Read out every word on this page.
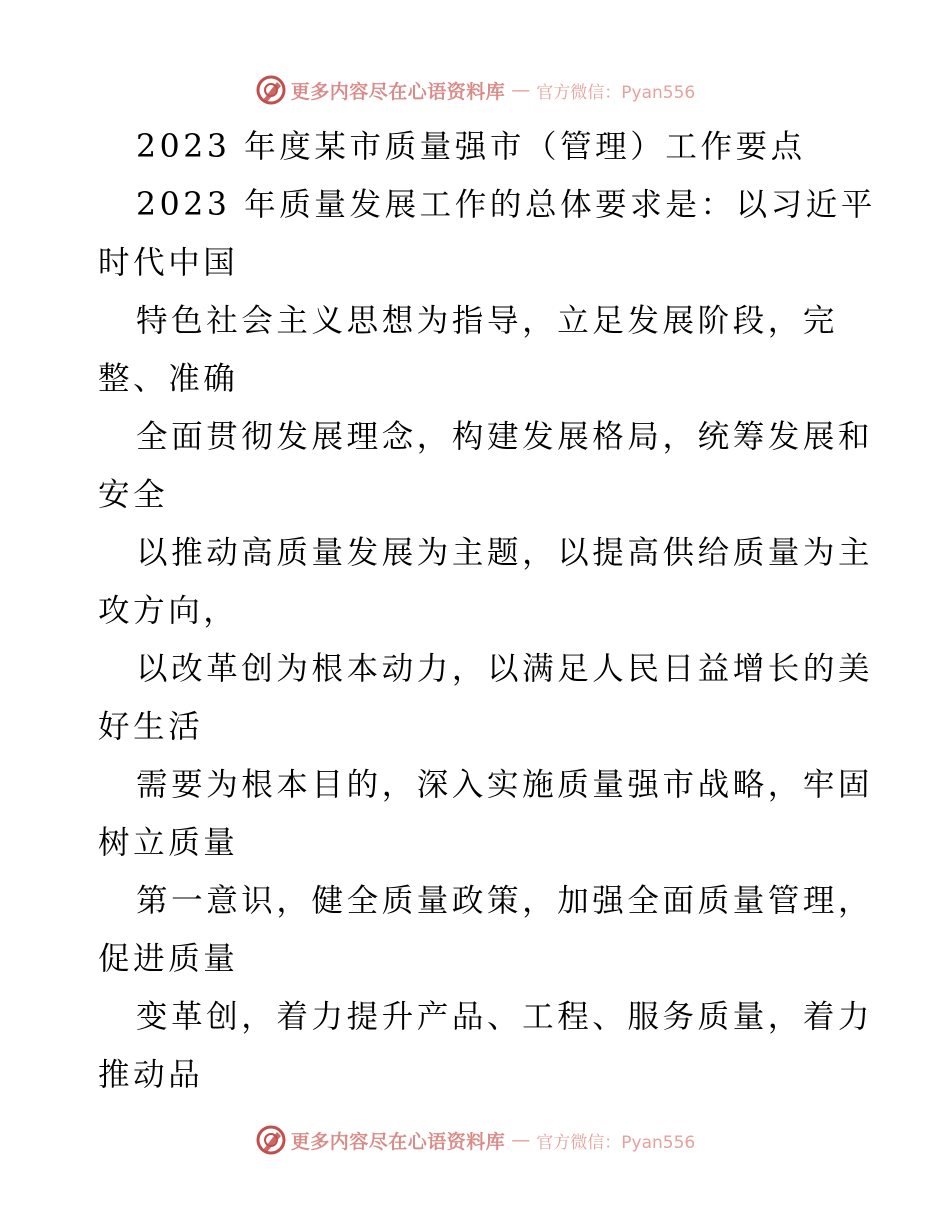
更多内容尽在心语资料库 — 官方微信：Pyan556
2023 年度某市质量强市（管理）工作要点
2023 年质量发展工作的总体要求是：以习近平
时代中国
特色社会主义思想为指导，立足发展阶段，完
整、准确
全面贯彻发展理念，构建发展格局，统筹发展和
安全
以推动高质量发展为主题，以提高供给质量为主
攻方向，
以改革创为根本动力，以满足人民日益增长的美
好生活
需要为根本目的，深入实施质量强市战略，牢固
树立质量
第一意识，健全质量政策，加强全面质量管理，
促进质量
变革创，着力提升产品、工程、服务质量，着力
推动品
更多内容尽在心语资料库 — 官方微信：Pyan556
